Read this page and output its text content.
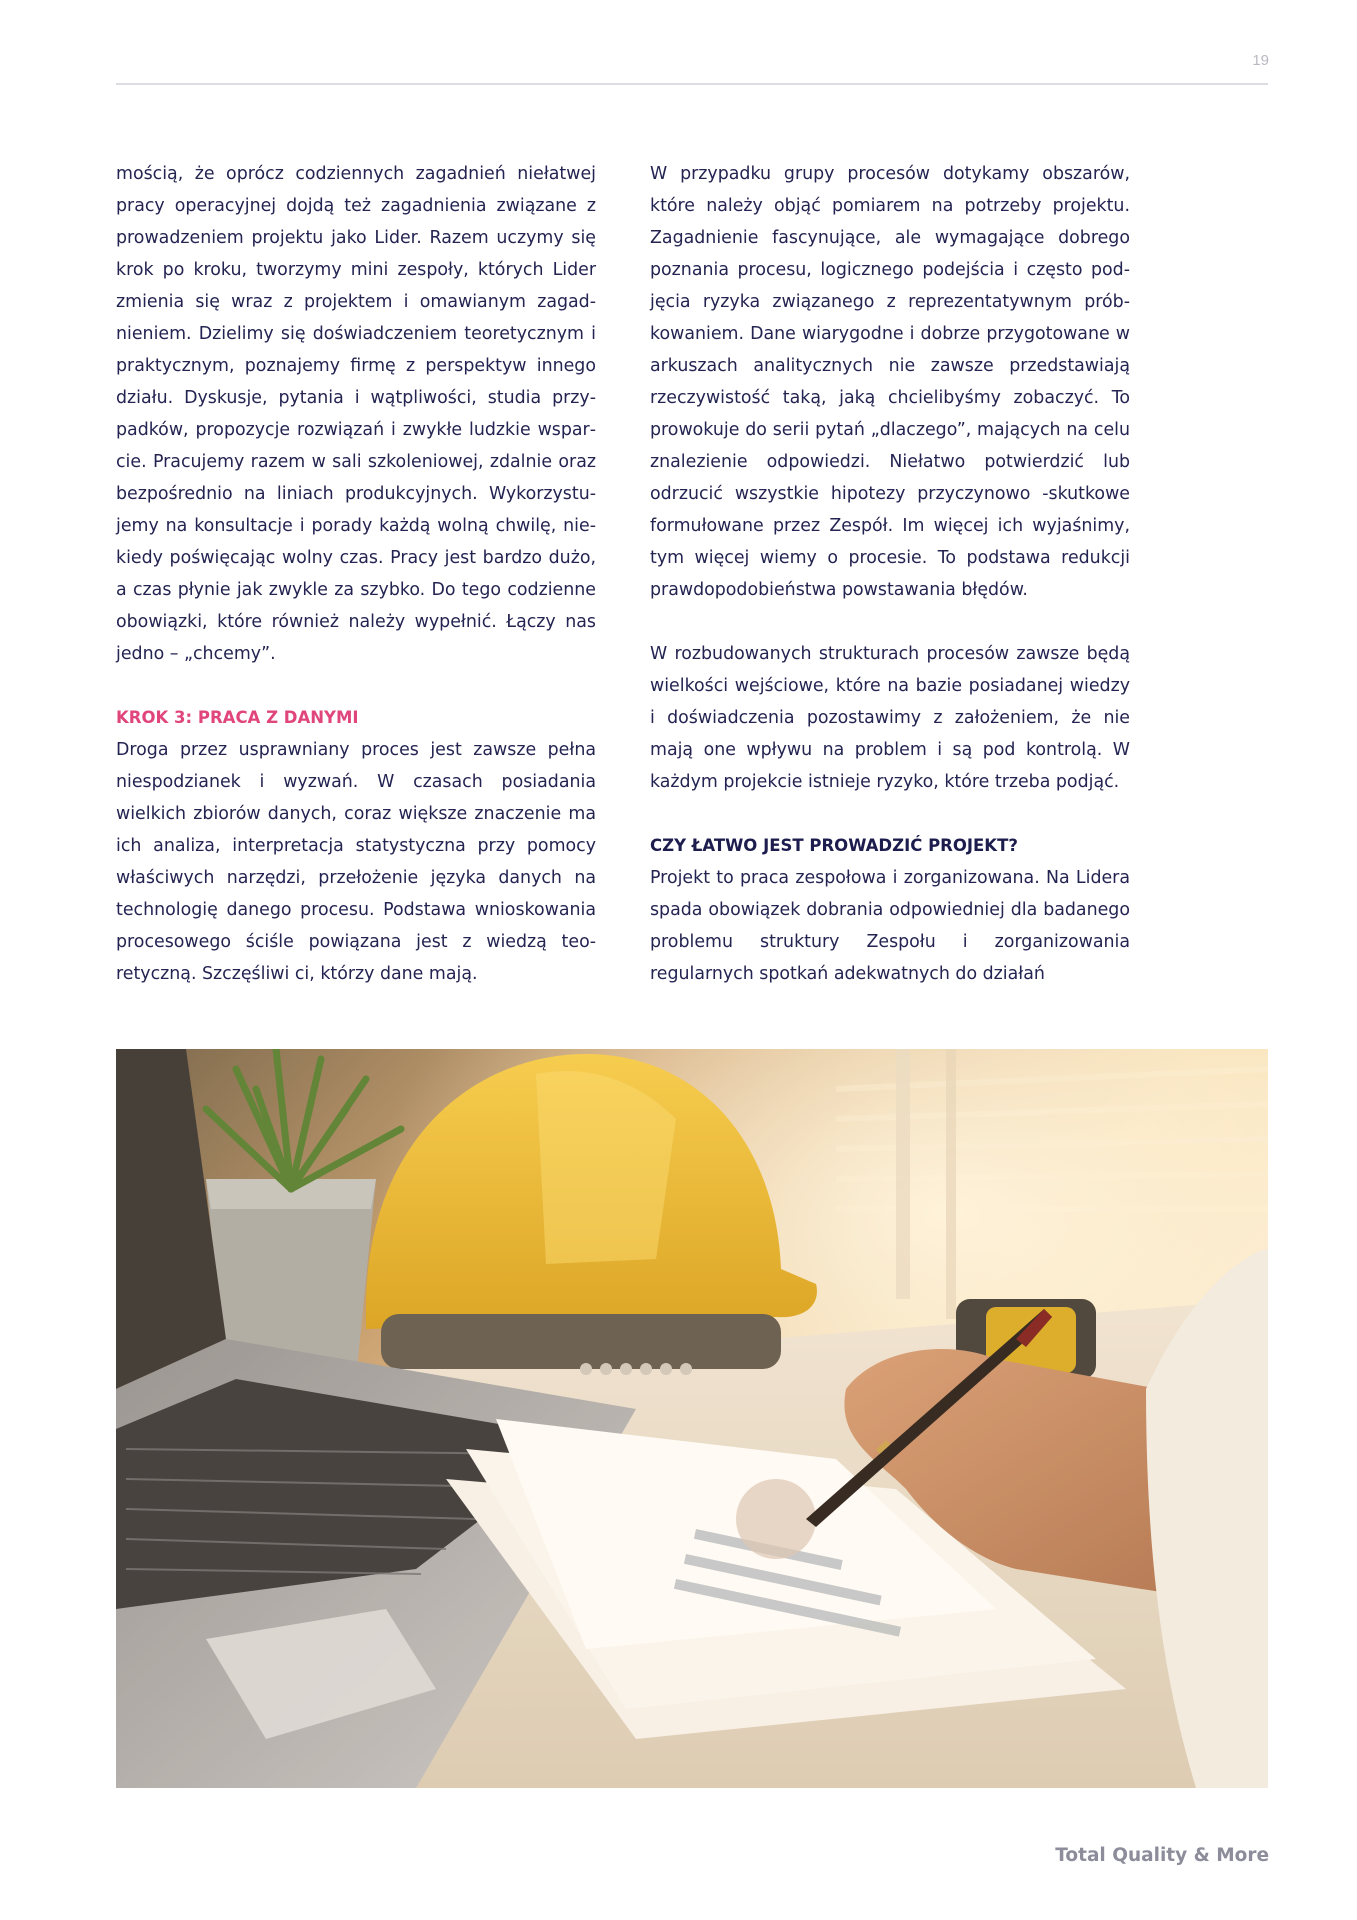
19

mością, że oprócz codziennych zagadnień niełatwej pracy operacyjnej dojdą też zagadnienia związane z prowadzeniem projektu jako Lider. Razem uczymy się krok po kroku, tworzymy mini zespoły, których Lider zmienia się wraz z projektem i omawianym zagadnieniem. Dzielimy się doświadczeniem teoretycznym i praktycznym, poznajemy firmę z perspektyw innego działu. Dyskusje, pytania i wątpliwości, studia przypadków, propozycje rozwiązań i zwykłe ludzkie wsparcie. Pracujemy razem w sali szkoleniowej, zdalnie oraz bezpośrednio na liniach produkcyjnych. Wykorzystujemy na konsultacje i porady każdą wolną chwilę, niekiedy poświęcając wolny czas. Pracy jest bardzo dużo, a czas płynie jak zwykle za szybko. Do tego codzienne obowiązki, które również należy wypełnić. Łączy nas jedno – „chcemy”.

KROK 3: PRACA Z DANYMI

Droga przez usprawniany proces jest zawsze pełna niespodzianek i wyzwań. W czasach posiadania wielkich zbiorów danych, coraz większe znaczenie ma ich analiza, interpretacja statystyczna przy pomocy właściwych narzędzi, przełożenie języka danych na technologię danego procesu. Podstawa wnioskowania procesowego ściśle powiązana jest z wiedzą teoretyczną. Szczęśliwi ci, którzy dane mają.

W przypadku grupy procesów dotykamy obszarów, które należy objąć pomiarem na potrzeby projektu. Zagadnienie fascynujące, ale wymagające dobrego poznania procesu, logicznego podejścia i często podjęcia ryzyka związanego z reprezentatywnym próbkowaniem. Dane wiarygodne i dobrze przygotowane w arkuszach analitycznych nie zawsze przedstawiają rzeczywistość taką, jaką chcielibyśmy zobaczyć. To prowokuje do serii pytań „dlaczego”, mających na celu znalezienie odpowiedzi. Niełatwo potwierdzić lub odrzucić wszystkie hipotezy przyczynowo -skutkowe formułowane przez Zespół. Im więcej ich wyjaśnimy, tym więcej wiemy o procesie. To podstawa redukcji prawdopodobieństwa powstawania błędów.

W rozbudowanych strukturach procesów zawsze będą wielkości wejściowe, które na bazie posiadanej wiedzy i doświadczenia pozostawimy z założeniem, że nie mają one wpływu na problem i są pod kontrolą. W każdym projekcie istnieje ryzyko, które trzeba podjąć.

CZY ŁATWO JEST PROWADZIĆ PROJEKT?

Projekt to praca zespołowa i zorganizowana. Na Liderа spada obowiązek dobrania odpowiedniej dla badanego problemu struktury Zespołu i zorganizowania regularnych spotkań adekwatnych do działań

Total Quality & More
